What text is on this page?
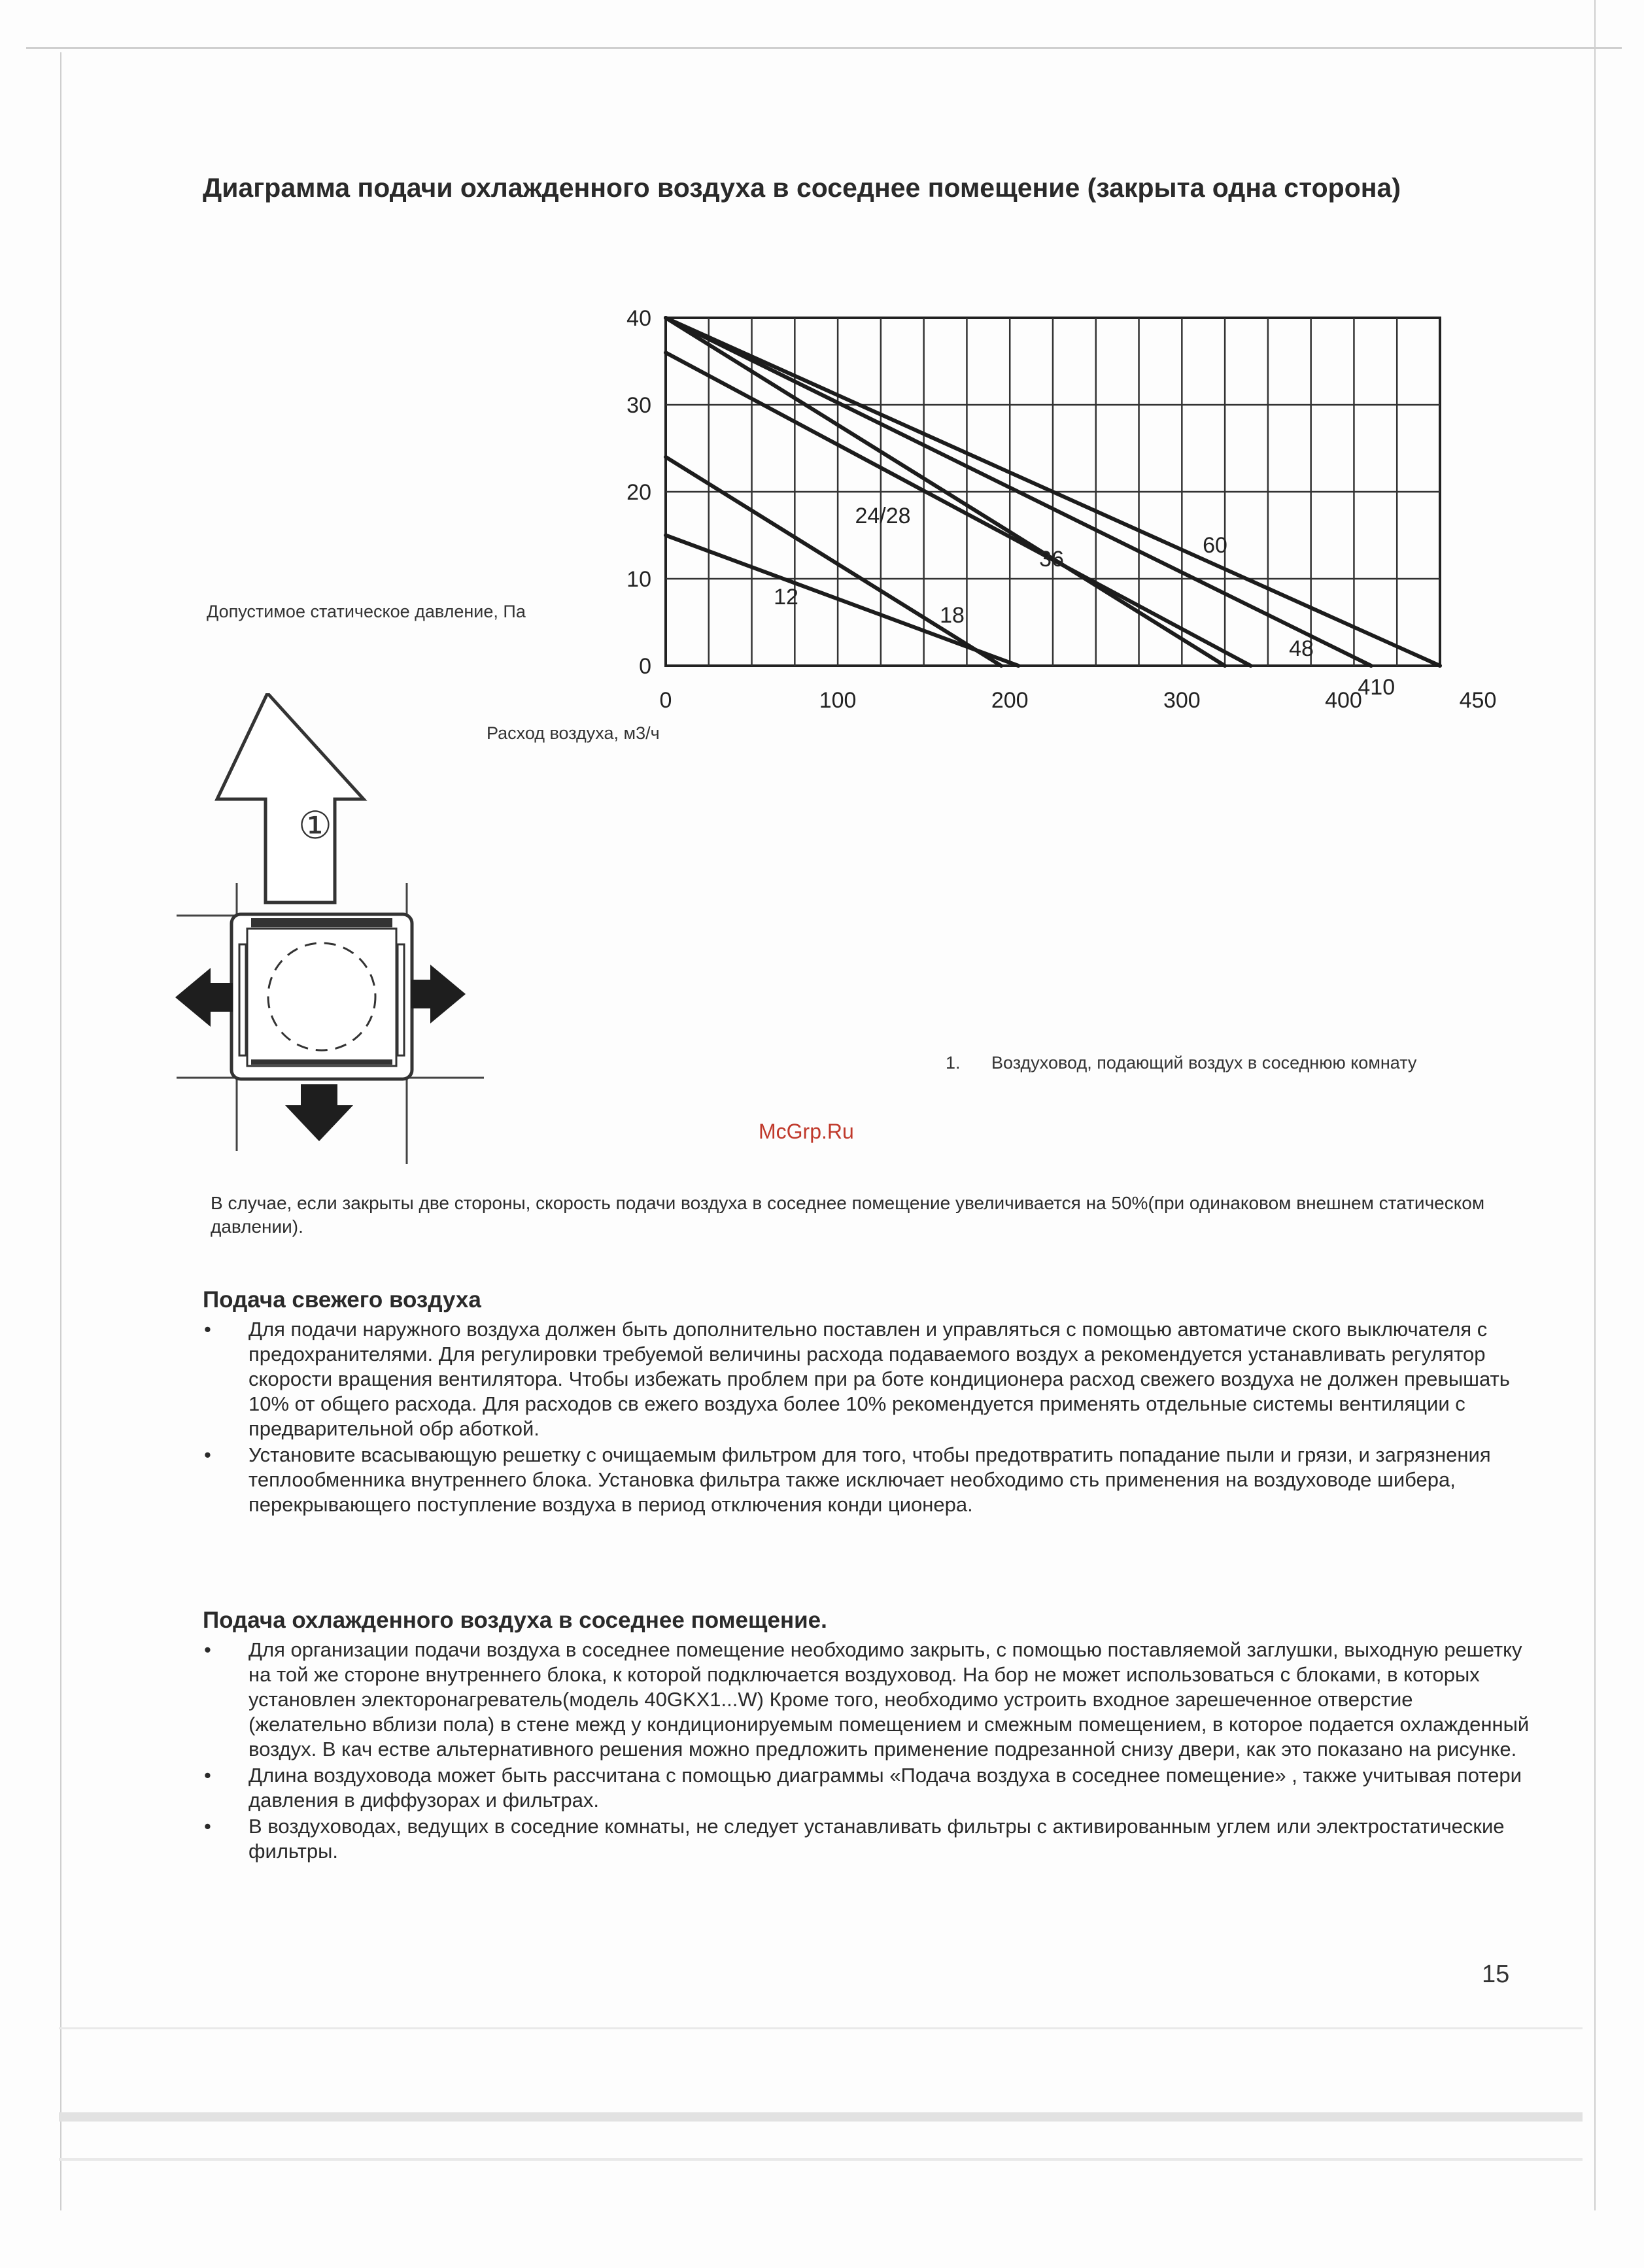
Диаграмма подачи охлажденного воздуха в соседнее помещение (закрыта одна сторона)
0
10
20
30
40
0	100	200	300	400
410
450
12
18
24/28
36
48
60
Допустимое статическое давление, Па
Расход воздуха, м3/ч
①
1. Воздуховод, подающий воздух в соседнюю комнату
McGrp.Ru
В случае, если закрыты две стороны, скорость подачи воздуха в соседнее помещение увеличивается на 50%(при одинаковом внешнем статическом давлении).
Подача свежего воздуха
• Для подачи наружного воздуха должен быть дополнительно поставлен и управляться с помощью автоматиче ского выключателя с предохранителями. Для регулировки требуемой величины расхода подаваемого воздух а рекомендуется устанавливать регулятор скорости вращения вентилятора. Чтобы избежать проблем при ра боте кондиционера расход свежего воздуха не должен превышать 10% от общего расхода. Для расходов св ежего воздуха более 10% рекомендуется применять отдельные системы вентиляции с предварительной обр аботкой.
• Установите всасывающую решетку с очищаемым фильтром для того, чтобы предотвратить попадание пыли и грязи, и загрязнения теплообменника внутреннего блока. Установка фильтра также исключает необходимо сть применения на воздуховоде шибера, перекрывающего поступление воздуха в период отключения конди ционера.
Подача охлажденного воздуха в соседнее помещение.
• Для организации подачи воздуха в соседнее помещение необходимо закрыть, с помощью поставляемой заглушки, выходную решетку на той же стороне внутреннего блока, к которой подключается воздуховод. На бор не может использоваться с блоками, в которых установлен электоронагреватель(модель 40GKX1...W) Кроме того, необходимо устроить входное зарешеченное отверстие (желательно вблизи пола) в стене межд у кондиционируемым помещением и смежным помещением, в которое подается охлажденный воздух. В кач естве альтернативного решения можно предложить применение подрезанной снизу двери, как это показано на рисунке.
• Длина воздуховода может быть рассчитана с помощью диаграммы «Подача воздуха в соседнее помещение» , также учитывая потери давления в диффузорах и фильтрах.
• В воздуховодах, ведущих в соседние комнаты, не следует устанавливать фильтры с активированным углем или электростатические фильтры.
15
